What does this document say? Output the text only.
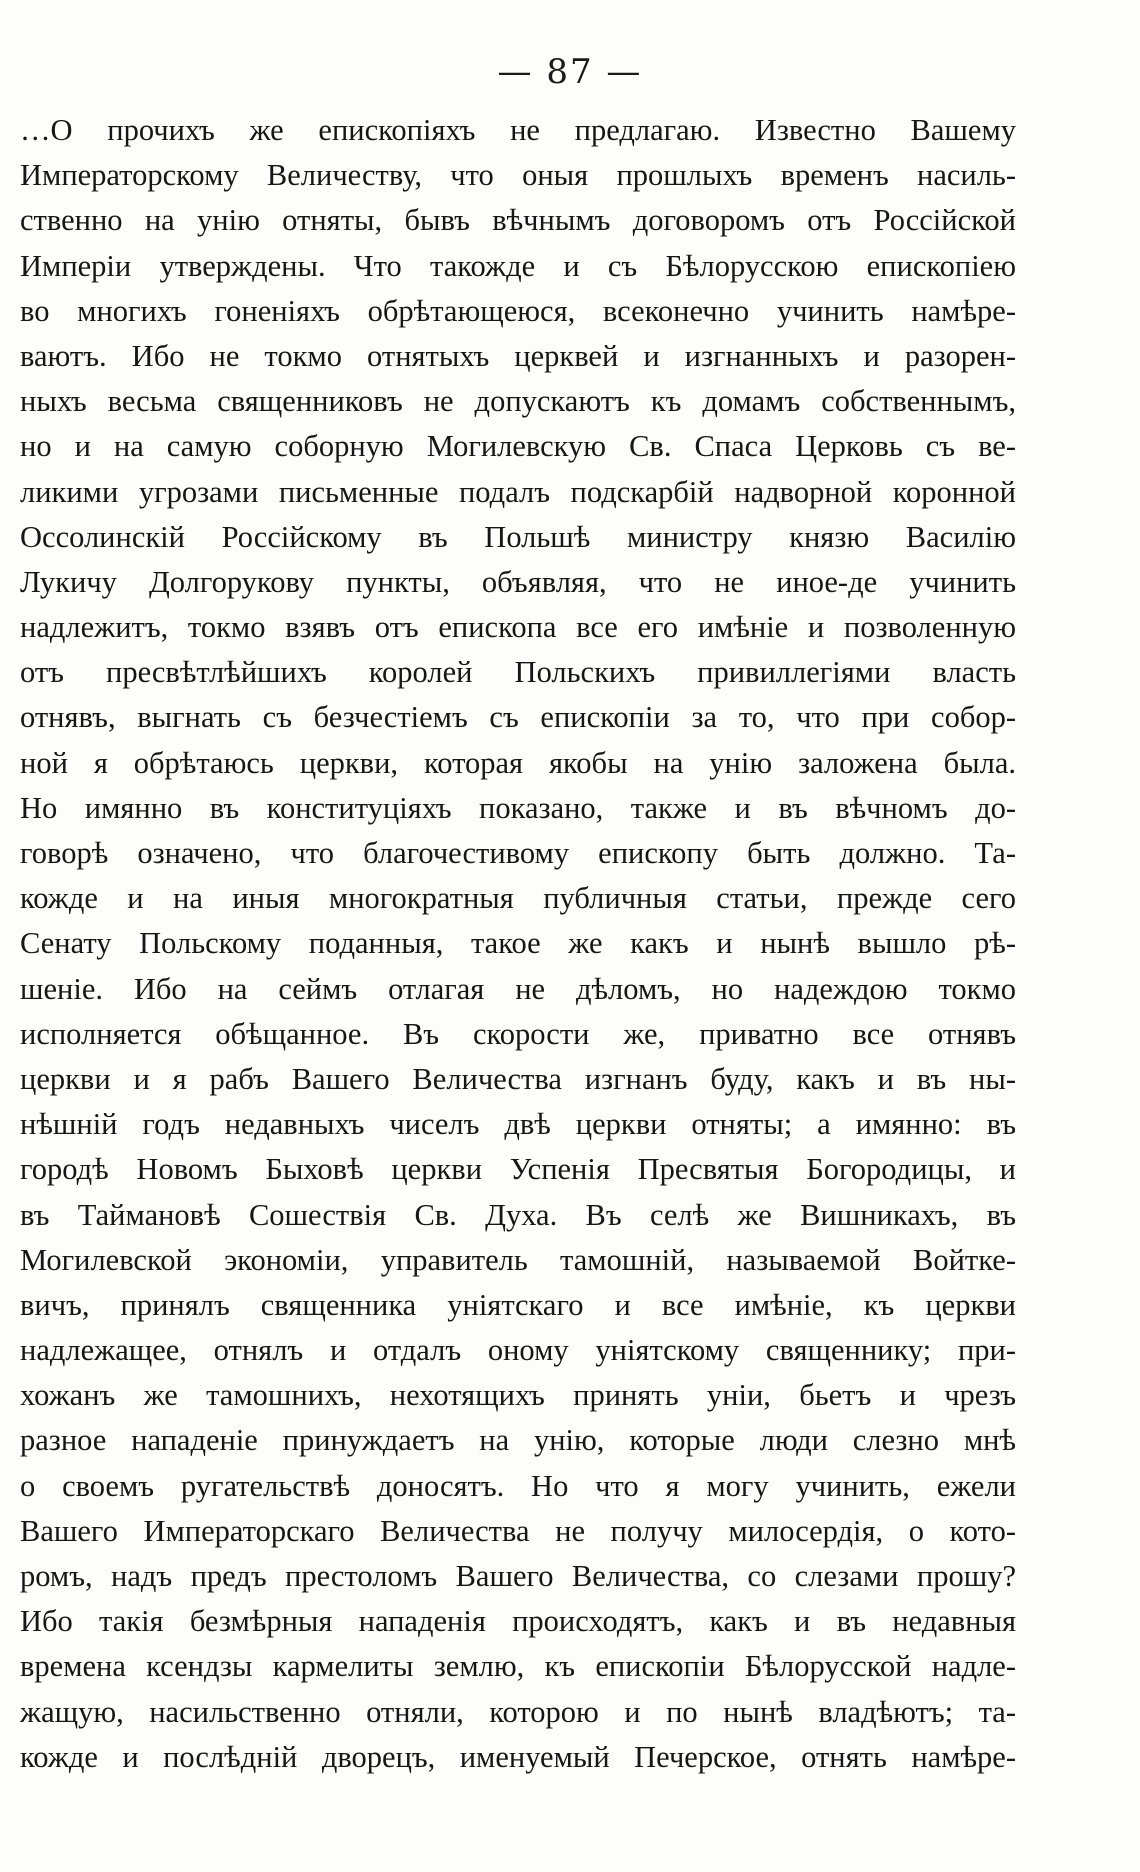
— 87 —
…О прочихъ же епископіяхъ не предлагаю. Известно Вашему
Императорскому Величеству, что оныя прошлыхъ временъ насиль-
ственно на унію отняты, бывъ вѣчнымъ договоромъ отъ Россійской
Имперіи утверждены. Что такожде и съ Бѣлорусскою епископіею
во многихъ гоненіяхъ обрѣтающеюся, всеконечно учинить намѣре-
ваютъ. Ибо не токмо отнятыхъ церквей и изгнанныхъ и разорен-
ныхъ весьма священниковъ не допускаютъ къ домамъ собственнымъ,
но и на самую соборную Могилевскую Св. Спаса Церковь съ ве-
ликими угрозами письменные подалъ подскарбій надворной коронной
Оссолинскій Россійскому въ Польшѣ министру князю Василію
Лукичу Долгорукову пункты, объявляя, что не иное-де учинить
надлежитъ, токмо взявъ отъ епископа все его имѣніе и позволенную
отъ пресвѣтлѣйшихъ королей Польскихъ привиллегіями власть
отнявъ, выгнать съ безчестіемъ съ епископіи за то, что при собор-
ной я обрѣтаюсь церкви, которая якобы на унію заложена была.
Но имянно въ конституціяхъ показано, также и въ вѣчномъ до-
говорѣ означено, что благочестивому епископу быть должно. Та-
кожде и на иныя многократныя публичныя статьи, прежде сего
Сенату Польскому поданныя, такое же какъ и нынѣ вышло рѣ-
шеніе. Ибо на сеймъ отлагая не дѣломъ, но надеждою токмо
исполняется обѣщанное. Въ скорости же, приватно все отнявъ
церкви и я рабъ Вашего Величества изгнанъ буду, какъ и въ ны-
нѣшній годъ недавныхъ чиселъ двѣ церкви отняты; а имянно: въ
городѣ Новомъ Быховѣ церкви Успенія Пресвятыя Богородицы, и
въ Таймановѣ Сошествія Св. Духа. Въ селѣ же Вишникахъ, въ
Могилевской экономіи, управитель тамошній, называемой Войтке-
вичъ, принялъ священника уніятскаго и все имѣніе, къ церкви
надлежащее, отнялъ и отдалъ оному уніятскому священнику; при-
хожанъ же тамошнихъ, нехотящихъ принять уніи, бьетъ и чрезъ
разное нападеніе принуждаетъ на унію, которые люди слезно мнѣ
о своемъ ругательствѣ доносятъ. Но что я могу учинить, ежели
Вашего Императорскаго Величества не получу милосердія, о кото-
ромъ, надъ предъ престоломъ Вашего Величества, со слезами прошу?
Ибо такія безмѣрныя нападенія происходятъ, какъ и въ недавныя
времена ксендзы кармелиты землю, къ епископіи Бѣлорусской надле-
жащую, насильственно отняли, которою и по нынѣ владѣютъ; та-
кожде и послѣдній дворецъ, именуемый Печерское, отнять намѣре-
